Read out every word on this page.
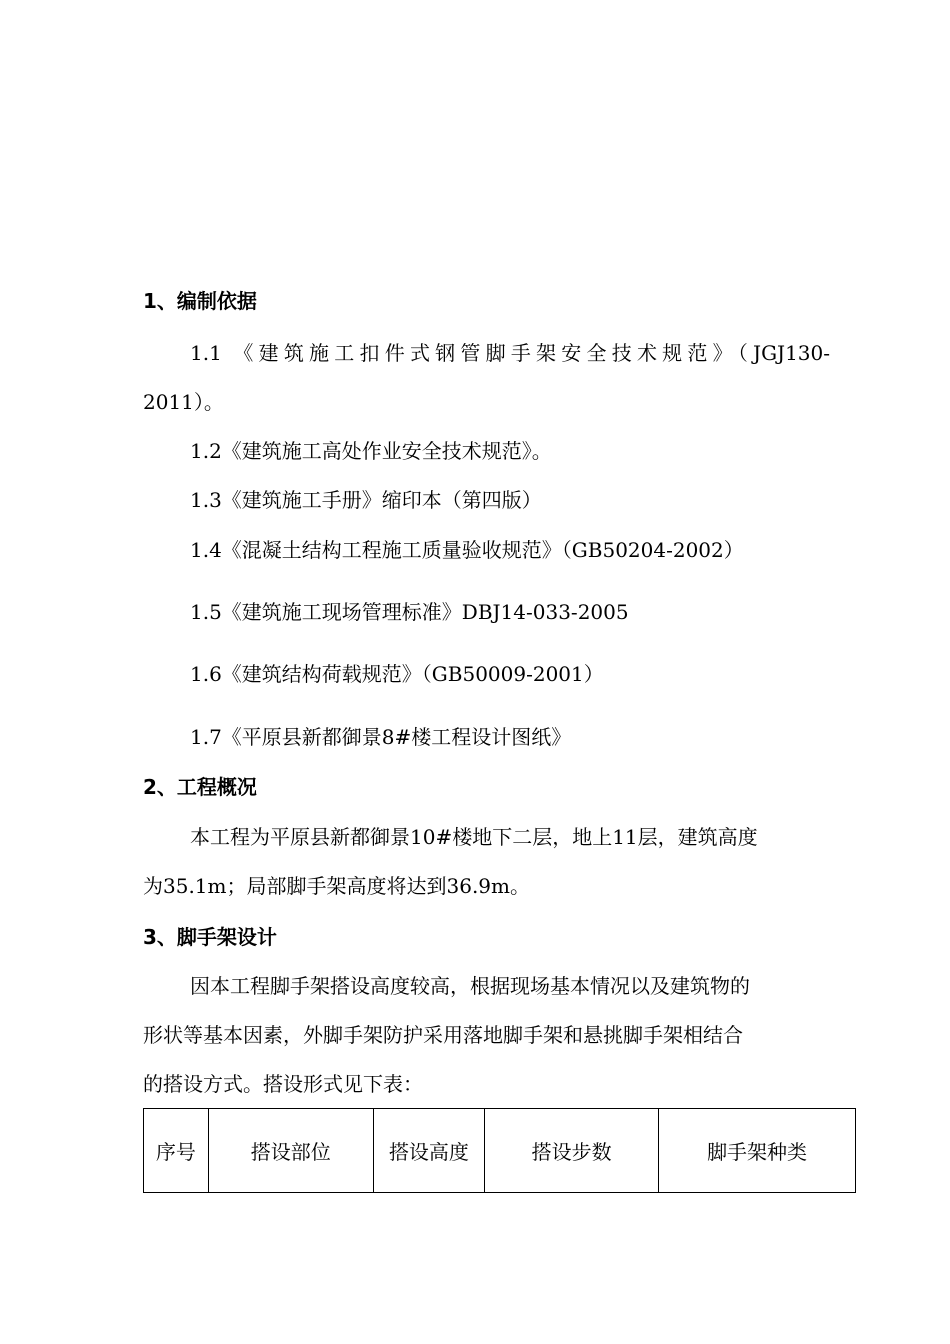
1、编制依据
1.1 《建筑施工扣件式钢管脚手架安全技术规范》（JGJ130-
2011）。
1.2《建筑施工高处作业安全技术规范》。
1.3《建筑施工手册》缩印本（第四版）
1.4《混凝土结构工程施工质量验收规范》（GB50204-2002）
1.5《建筑施工现场管理标准》DBJ14-033-2005
1.6《建筑结构荷载规范》（GB50009-2001）
1.7《平原县新都御景8#楼工程设计图纸》
2、工程概况
本工程为平原县新都御景10#楼地下二层，地上11层，建筑高度
为35.1m；局部脚手架高度将达到36.9m。
3、脚手架设计
因本工程脚手架搭设高度较高，根据现场基本情况以及建筑物的
形状等基本因素，外脚手架防护采用落地脚手架和悬挑脚手架相结合
的搭设方式。搭设形式见下表：
序号	搭设部位	搭设高度	搭设步数	脚手架种类
